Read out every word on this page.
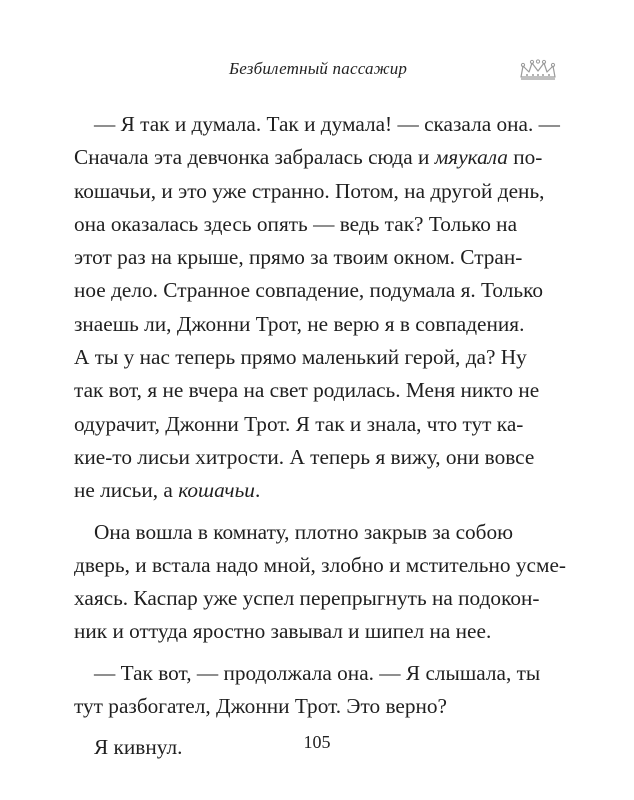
Безбилетный пассажир
— Я так и думала. Так и думала! — сказала она. —
Сначала эта девчонка забралась сюда и мяукала по-
кошачьи, и это уже странно. Потом, на другой день,
она оказалась здесь опять — ведь так? Только на
этот раз на крыше, прямо за твоим окном. Стран-
ное дело. Странное совпадение, подумала я. Только
знаешь ли, Джонни Трот, не верю я в совпадения.
А ты у нас теперь прямо маленький герой, да? Ну
так вот, я не вчера на свет родилась. Меня никто не
одурачит, Джонни Трот. Я так и знала, что тут ка-
кие-то лисьи хитрости. А теперь я вижу, они вовсе
не лисьи, а кошачьи.
Она вошла в комнату, плотно закрыв за собою
дверь, и встала надо мной, злобно и мстительно усме-
хаясь. Каспар уже успел перепрыгнуть на подокон-
ник и оттуда яростно завывал и шипел на нее.
— Так вот, — продолжала она. — Я слышала, ты
тут разбогател, Джонни Трот. Это верно?
Я кивнул.	105
